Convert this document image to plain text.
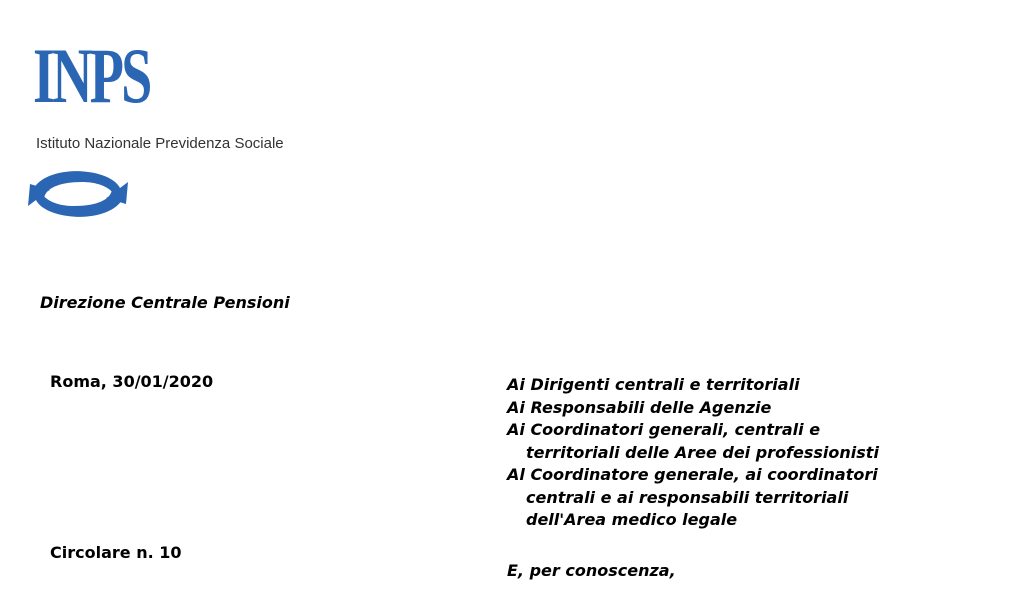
INPS
Istituto Nazionale Previdenza Sociale
Direzione Centrale Pensioni
Roma, 30/01/2020	Ai Dirigenti centrali e territoriali
Ai Responsabili delle Agenzie
Ai Coordinatori generali, centrali e
territoriali delle Aree dei professionisti
Al Coordinatore generale, ai coordinatori
centrali e ai responsabili territoriali
dell'Area medico legale
Circolare n. 10
E, per conoscenza,
